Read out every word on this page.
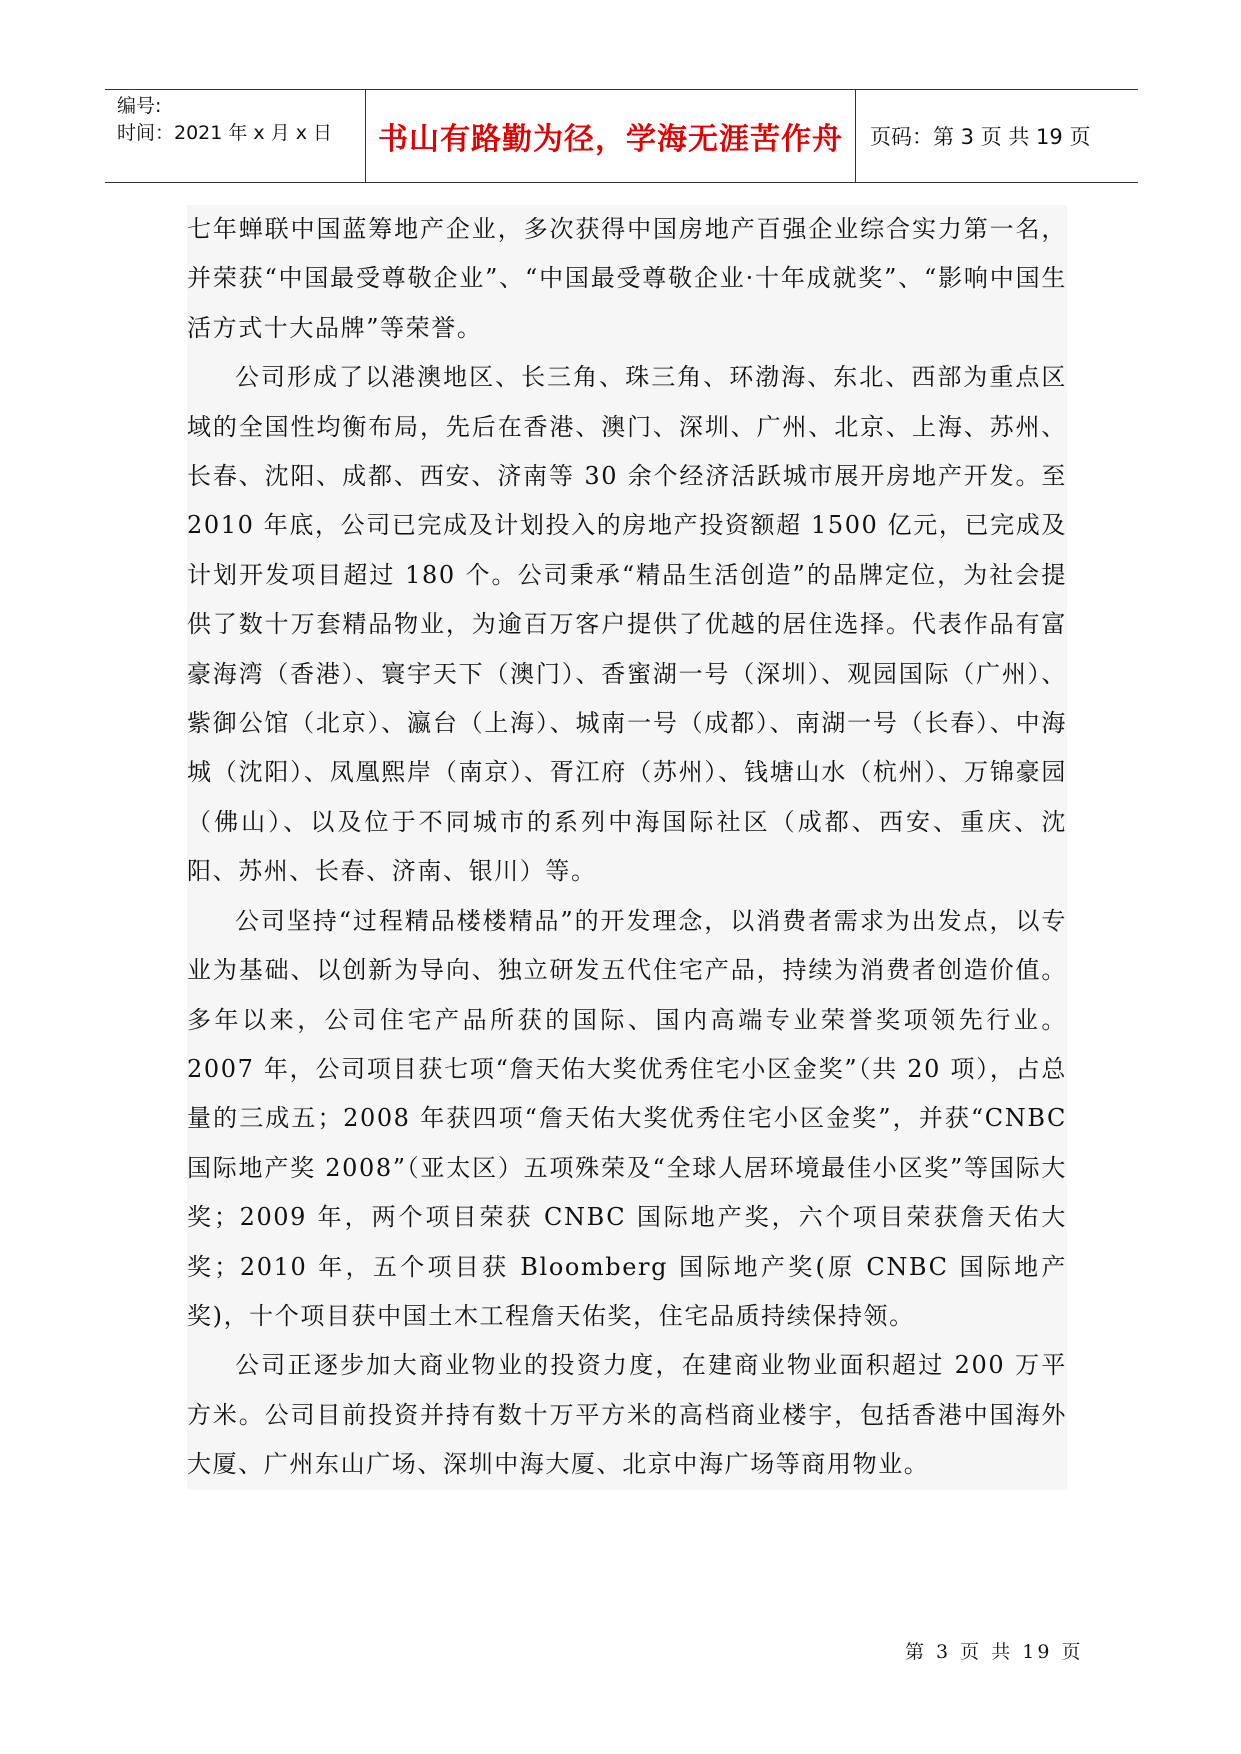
编号:
时间：2021 年 x 月 x 日	书山有路勤为径，学海无涯苦作舟	页码：第 3 页 共 19 页

七年蝉联中国蓝筹地产企业，多次获得中国房地产百强企业综合实力第一名，并荣获“中国最受尊敬企业”、“中国最受尊敬企业·十年成就奖”、“影响中国生活方式十大品牌”等荣誉。

公司形成了以港澳地区、长三角、珠三角、环渤海、东北、西部为重点区域的全国性均衡布局，先后在香港、澳门、深圳、广州、北京、上海、苏州、长春、沈阳、成都、西安、济南等 30 余个经济活跃城市展开房地产开发。至 2010 年底，公司已完成及计划投入的房地产投资额超 1500 亿元，已完成及计划开发项目超过 180 个。公司秉承“精品生活创造”的品牌定位，为社会提供了数十万套精品物业，为逾百万客户提供了优越的居住选择。代表作品有富豪海湾（香港）、寰宇天下（澳门）、香蜜湖一号（深圳）、观园国际（广州）、紫御公馆（北京）、瀛台（上海）、城南一号（成都）、南湖一号（长春）、中海城（沈阳）、凤凰熙岸（南京）、胥江府（苏州）、钱塘山水（杭州）、万锦豪园（佛山）、以及位于不同城市的系列中海国际社区（成都、西安、重庆、沈阳、苏州、长春、济南、银川）等。

公司坚持“过程精品楼楼精品”的开发理念，以消费者需求为出发点，以专业为基础、以创新为导向、独立研发五代住宅产品，持续为消费者创造价值。多年以来，公司住宅产品所获的国际、国内高端专业荣誉奖项领先行业。2007 年，公司项目获七项“詹天佑大奖优秀住宅小区金奖”（共 20 项），占总量的三成五；2008 年获四项“詹天佑大奖优秀住宅小区金奖”，并获“CNBC 国际地产奖 2008”（亚太区）五项殊荣及“全球人居环境最佳小区奖”等国际大奖；2009 年，两个项目荣获 CNBC 国际地产奖，六个项目荣获詹天佑大奖；2010 年，五个项目获 Bloomberg 国际地产奖(原 CNBC 国际地产奖)，十个项目获中国土木工程詹天佑奖，住宅品质持续保持领。

公司正逐步加大商业物业的投资力度，在建商业物业面积超过 200 万平方米。公司目前投资并持有数十万平方米的高档商业楼宇，包括香港中国海外大厦、广州东山广场、深圳中海大厦、北京中海广场等商用物业。

第 3 页 共 19 页
